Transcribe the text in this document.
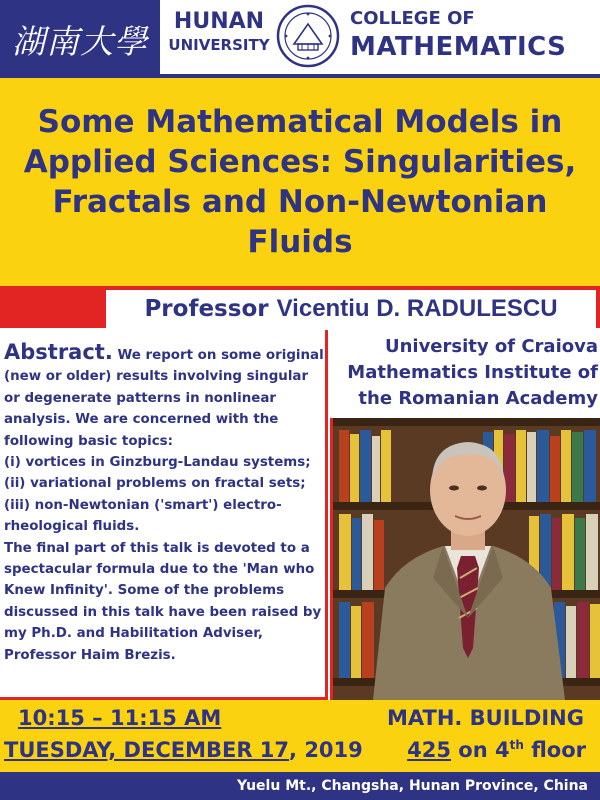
湖南大學	HUNAN
UNIVERSITY
COLLEGE OF
MATHEMATICS
Some Mathematical Models in Applied Sciences: Singularities, Fractals and Non-Newtonian Fluids
Professor Vicentiu D. RADULESCU

Abstract. We report on some original (new or older) results involving singular or degenerate patterns in nonlinear analysis. We are concerned with the following basic topics:

(i) vortices in Ginzburg-Landau systems;

(ii) variational problems on fractal sets;

(iii) non-Newtonian ('smart') electro-rheological fluids.

The final part of this talk is devoted to a spectacular formula due to the 'Man who Knew Infinity'. Some of the problems discussed in this talk have been raised by my Ph.D. and Habilitation Adviser, Professor Haim Brezis.

University of Craiova
Mathematics Institute of
the Romanian Academy
10:15 – 11:15 AM
TUESDAY, DECEMBER 17, 2019
MATH. BUILDING
425 on 4th floor
Yuelu Mt., Changsha, Hunan Province, China
